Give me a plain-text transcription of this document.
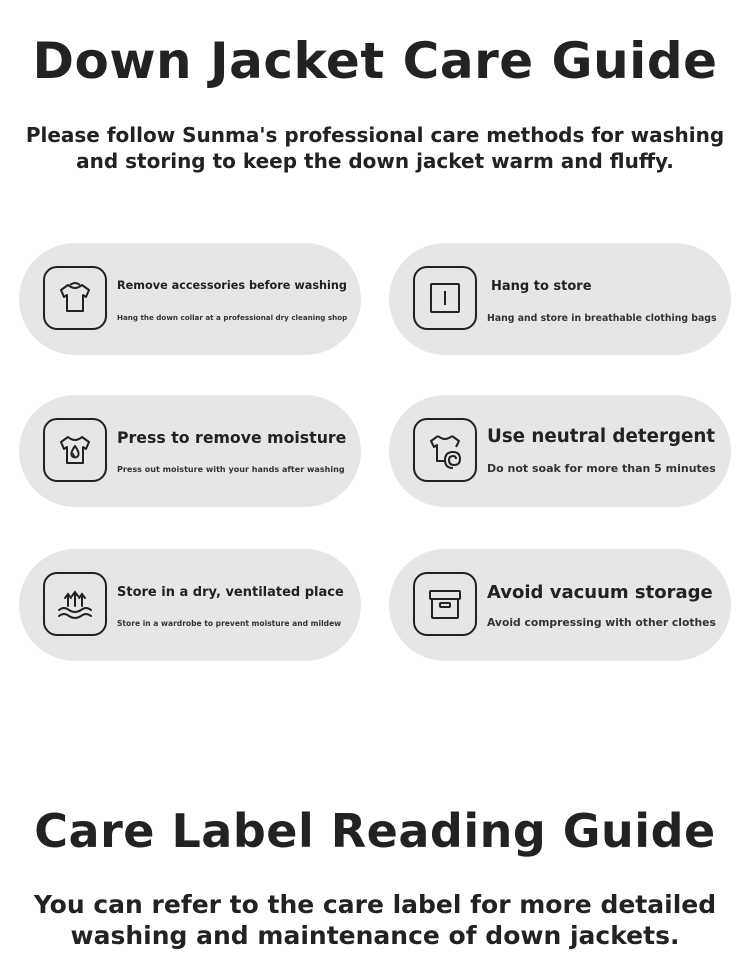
Down Jacket Care Guide
Please follow Sunma's professional care methods for washing and storing to keep the down jacket warm and fluffy.
Remove accessories before washing
Hang the down collar at a professional dry cleaning shop
Hang to store
Hang and store in breathable clothing bags
Press to remove moisture
Press out moisture with your hands after washing
Use neutral detergent
Do not soak for more than 5 minutes
Store in a dry, ventilated place
Store in a wardrobe to prevent moisture and mildew
Avoid vacuum storage
Avoid compressing with other clothes
Care Label Reading Guide
You can refer to the care label for more detailed washing and maintenance of down jackets.
